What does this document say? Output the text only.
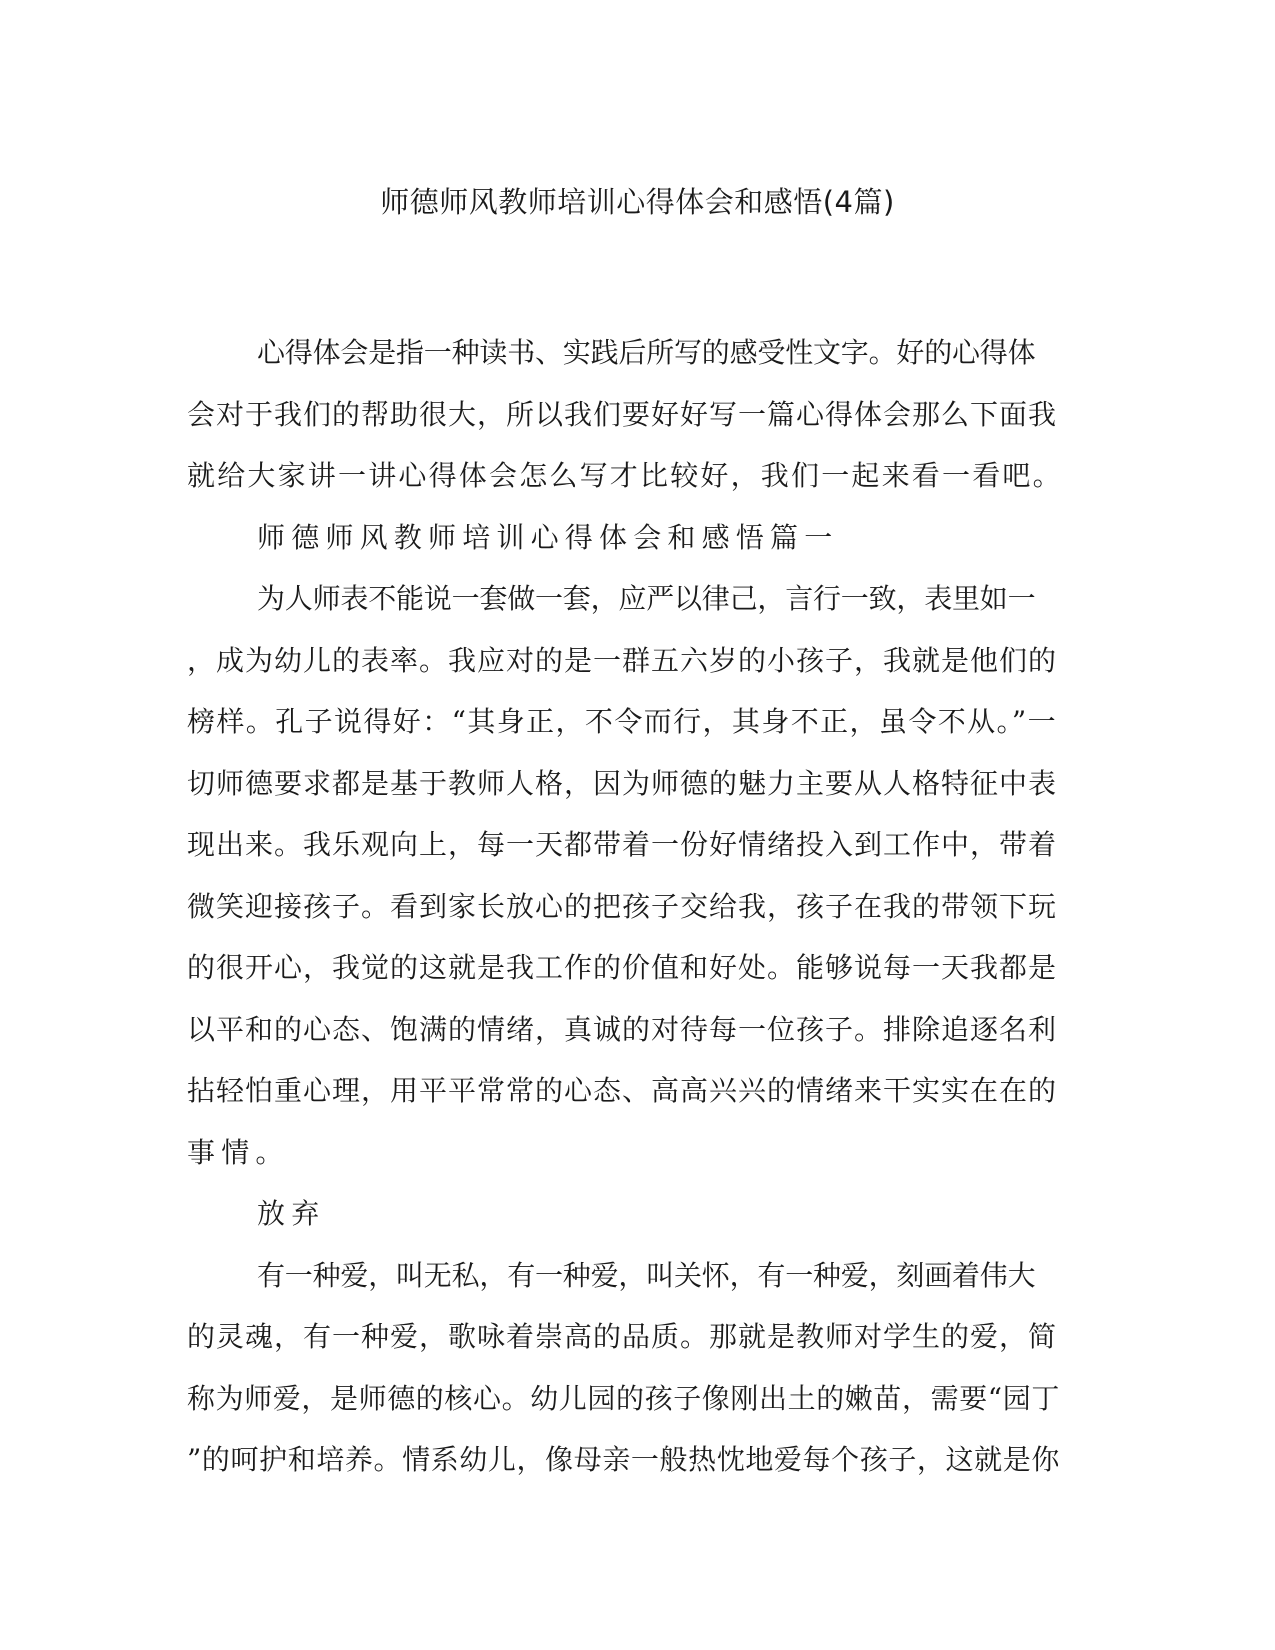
师德师风教师培训心得体会和感悟(4篇)
心得体会是指一种读书、实践后所写的感受性文字。好的心得体
会对于我们的帮助很大，所以我们要好好写一篇心得体会那么下面我
就给大家讲一讲心得体会怎么写才比较好，我们一起来看一看吧。
师德师风教师培训心得体会和感悟篇一
为人师表不能说一套做一套，应严以律己，言行一致，表里如一
，成为幼儿的表率。我应对的是一群五六岁的小孩子，我就是他们的
榜样。孔子说得好：“其身正，不令而行，其身不正，虽令不从。”一
切师德要求都是基于教师人格，因为师德的魅力主要从人格特征中表
现出来。我乐观向上，每一天都带着一份好情绪投入到工作中，带着
微笑迎接孩子。看到家长放心的把孩子交给我，孩子在我的带领下玩
的很开心，我觉的这就是我工作的价值和好处。能够说每一天我都是
以平和的心态、饱满的情绪，真诚的对待每一位孩子。排除追逐名利
拈轻怕重心理，用平平常常的心态、高高兴兴的情绪来干实实在在的
事情。
放弃
有一种爱，叫无私，有一种爱，叫关怀，有一种爱，刻画着伟大
的灵魂，有一种爱，歌咏着崇高的品质。那就是教师对学生的爱，简
称为师爱，是师德的核心。幼儿园的孩子像刚出土的嫩苗，需要“园丁
”的呵护和培养。情系幼儿，像母亲一般热忱地爱每个孩子，这就是你
